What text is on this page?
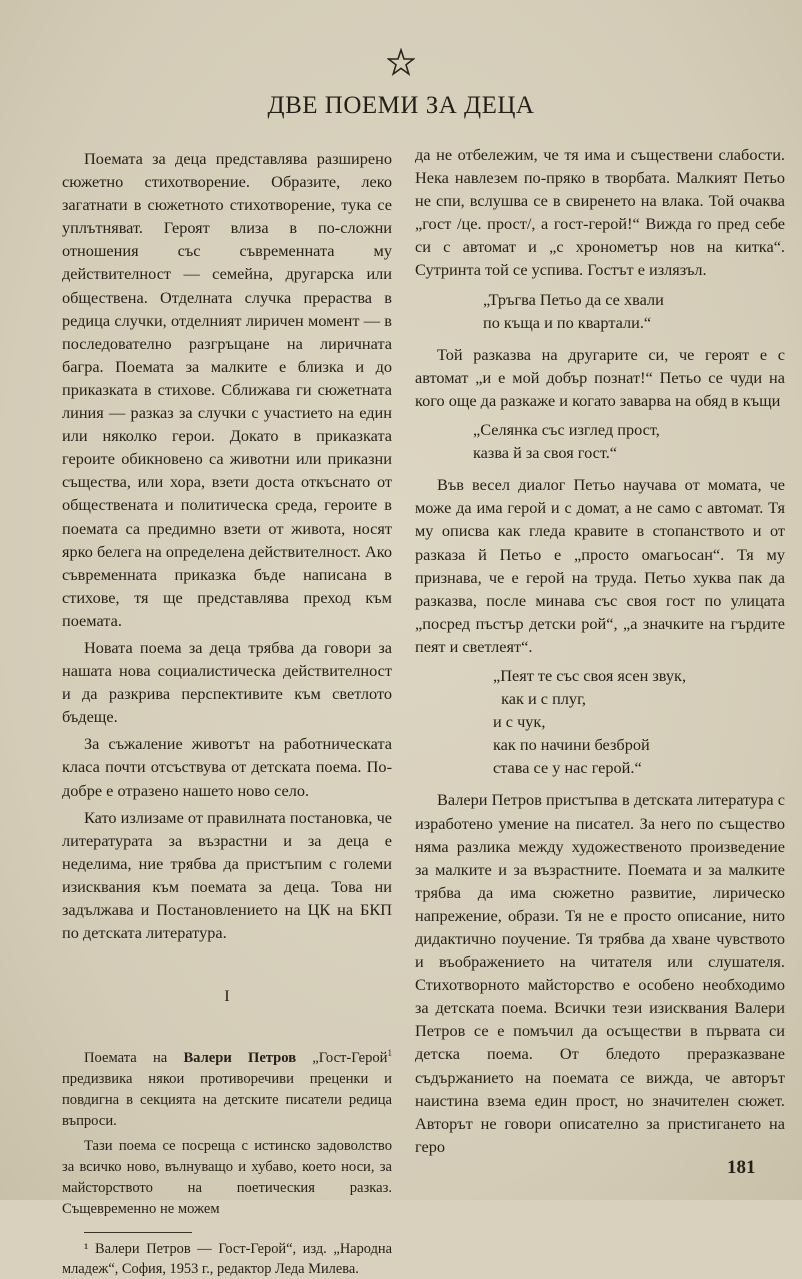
ДВЕ ПОЕМИ ЗА ДЕЦА

Поемата за деца представлява разширено сюжетно стихотворение. Образите, леко загатнати в сюжетното стихотворение, тука се уплътняват. Героят влиза в по-сложни отношения със съвременната му действителност — семейна, другарска или обществена. Отделната случка прераства в редица случки, отделният лиричен момент — в последователно разгръщане на лиричната багра. Поемата за малките е близка и до приказката в стихове. Сближава ги сюжетната линия — разказ за случки с участието на един или няколко герои. Докато в приказката героите обикновено са животни или приказни същества, или хора, взети доста откъснато от обществената и политическа среда, героите в поемата са предимно взети от живота, носят ярко белега на определена действителност. Ако съвременната приказка бъде написана в стихове, тя ще представлява преход към поемата.

Новата поема за деца трябва да говори за нашата нова социалистическа действителност и да разкрива перспективите към светлото бъдеще.

За съжаление животът на работническата класа почти отсъствува от детската поема. По-добре е отразено нашето ново село.

Като излизаме от правилната постановка, че литературата за възрастни и за деца е неделима, ние трябва да пристъпим с големи изисквания към поемата за деца. Това ни задължава и Постановлението на ЦК на БКП по детската литература.

I

Поемата на Валери Петров „Гост-Герой$^1$ предизвика някои противоречиви преценки и повдигна в секцията на детските писатели редица въпроси.

Тази поема се посреща с истинско задоволство за всичко ново, вълнуващо и хубаво, което носи, за майсторството на поетическия разказ. Същевременно не можем

¹ Валери Петров — Гост-Герой“, изд. „Народна младеж“, София, 1953 г., редактор Леда Милева.

да не отбележим, че тя има и съществени слабости. Нека навлезем по-пряко в творбата. Малкият Петьо не спи, вслушва се в свиренето на влака. Той очаква „гост /це. прост/, а гост-герой!“ Вижда го пред себе си с автомат и „с хронометър нов на китка“. Сутринта той се успива. Гостът е излязъл.

„Тръгва Петьо да се хвали
по къща и по квартали.“

Той разказва на другарите си, че героят е с автомат „и е мой добър познат!“ Петьо се чуди на кого още да разкаже и когато заварва на обяд в къщи

„Селянка със изглед прост,
казва й за своя гост.“

Във весел диалог Петьо научава от момата, че може да има герой и с домат, а не само с автомат. Тя му описва как гледа кравите в стопанството и от разказа й Петьо е „просто омагьосан“. Тя му признава, че е герой на труда. Петьо хуква пак да разказва, после минава със своя гост по улицата „посред пъстър детски рой“, „а значките на гърдите пеят и светлеят“.

„Пеят те със своя ясен звук,
как и с плуг,
и с чук,
как по начини безброй
става се у нас герой.“

Валери Петров пристъпва в детската литература с изработено умение на писател. За него по същество няма разлика между художественото произведение за малките и за възрастните. Поемата и за малките трябва да има сюжетно развитие, лирическо напрежение, образи. Тя не е просто описание, нито дидактично поучение. Тя трябва да хване чувството и въображението на читателя или слушателя. Стихотворното майсторство е особено необходимо за детската поема. Всички тези изисквания Валери Петров се е помъчил да осъществи в първата си детска поема. От бледото преразказване съдържанието на поемата се вижда, че авторът наистина взема един прост, но значителен сюжет. Авторът не говори описателно за пристигането на геро

181
